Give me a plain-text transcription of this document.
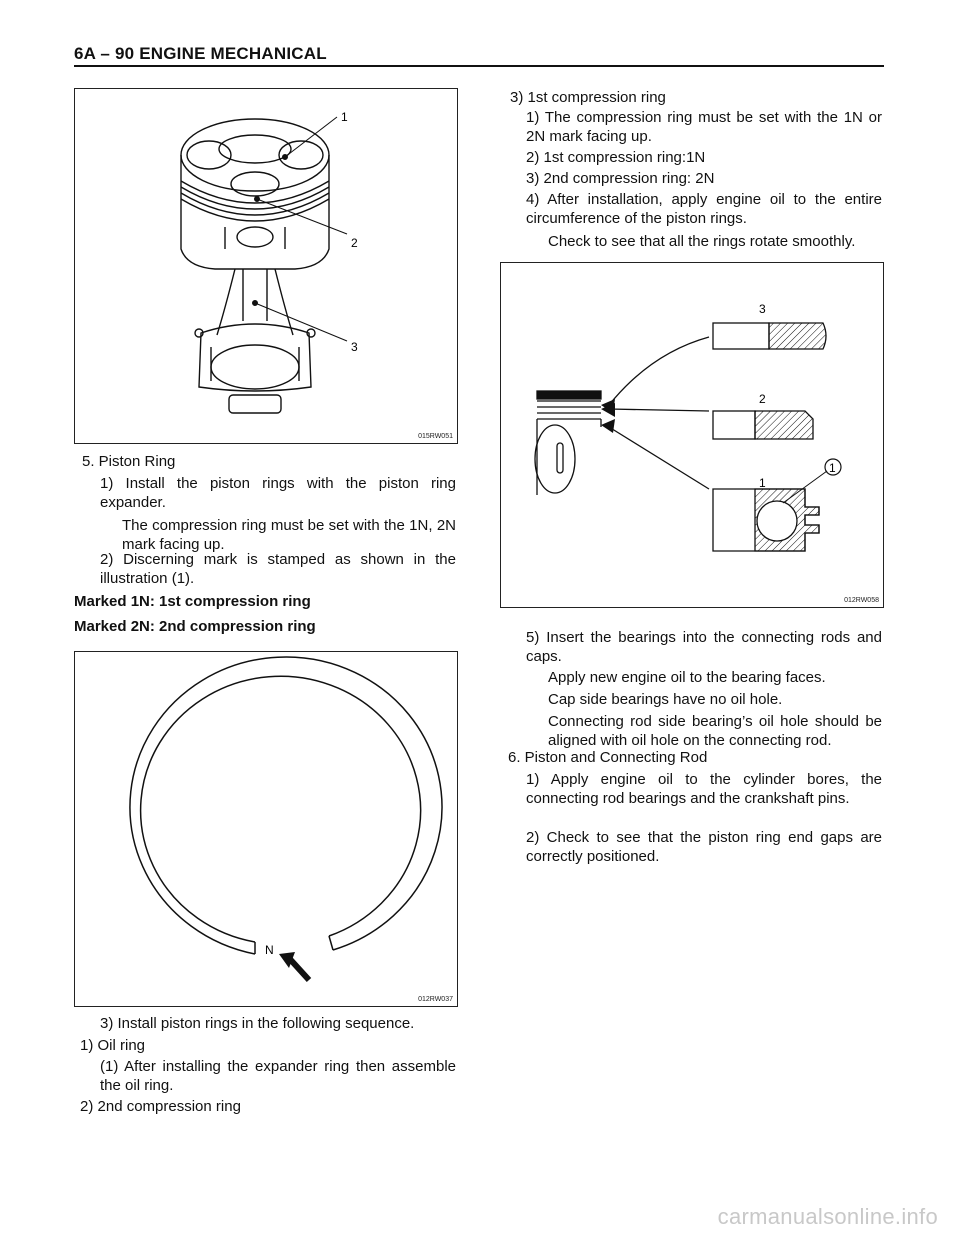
6A – 90 ENGINE MECHANICAL
1
2
3
015RW051
5. Piston Ring
1) Install the piston rings with the piston ring expander.
The compression ring must be set with the 1N, 2N mark facing up.
2) Discerning mark is stamped as shown in the illustration (1).
Marked 1N: 1st compression ring
Marked 2N: 2nd compression ring
N
012RW037
3) Install piston rings in the following sequence.
1) Oil ring
(1) After installing the expander ring then assemble the oil ring.
2) 2nd compression ring
3) 1st compression ring
1) The compression ring must be set with the 1N or 2N mark facing up.
2) 1st compression ring:1N
3) 2nd compression ring: 2N
4) After installation, apply engine oil to the entire circumference of the piston rings.
Check to see that all the rings rotate smoothly.
1
3
2
1
012RW058
5) Insert the bearings into the connecting rods and caps.
Apply new engine oil to the bearing faces.
Cap side bearings have no oil hole.
Connecting rod side bearing’s oil hole should be aligned with oil hole on the connecting rod.
6. Piston and Connecting Rod
1) Apply engine oil to the cylinder bores, the connecting rod bearings and the crankshaft pins.
2) Check to see that the piston ring end gaps are correctly positioned.
carmanualsonline.info
